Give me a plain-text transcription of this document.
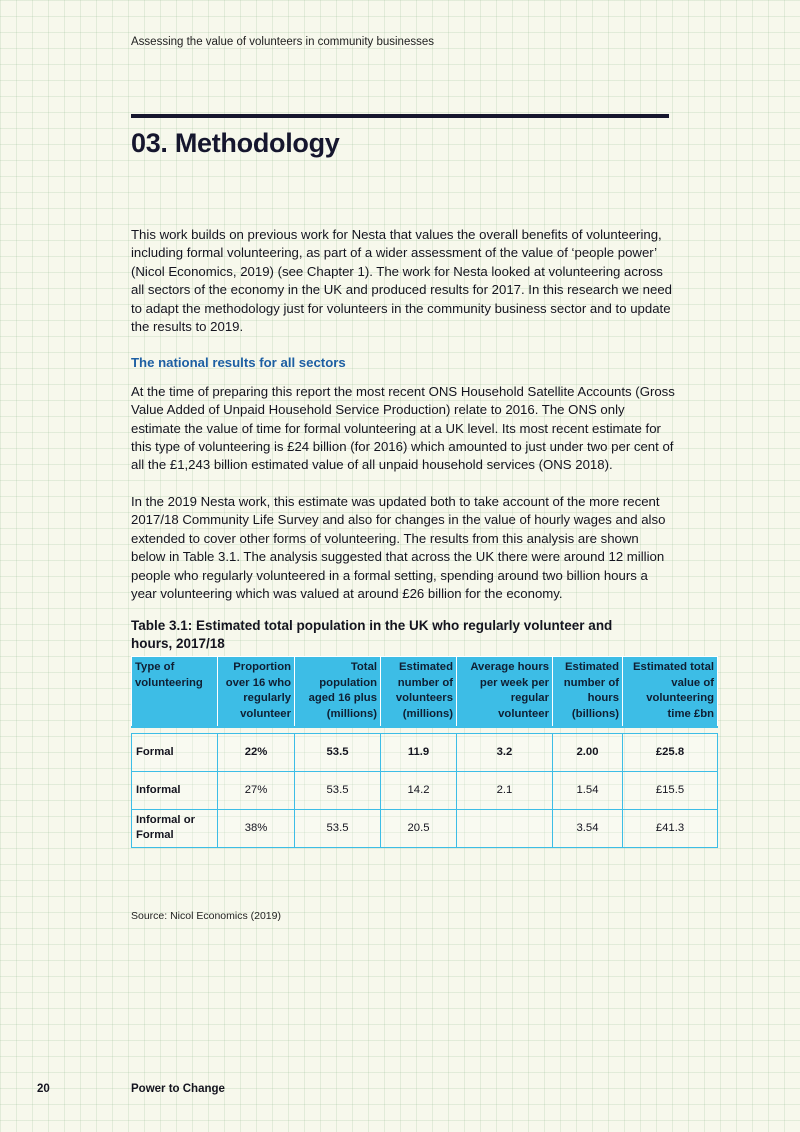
Assessing the value of volunteers in community businesses
03. Methodology

This work builds on previous work for Nesta that values the overall benefits of volunteering, including formal volunteering, as part of a wider assessment of the value of ‘people power’ (Nicol Economics, 2019) (see Chapter 1). The work for Nesta looked at volunteering across all sectors of the economy in the UK and produced results for 2017. In this research we need to adapt the methodology just for volunteers in the community business sector and to update the results to 2019.

The national results for all sectors

At the time of preparing this report the most recent ONS Household Satellite Accounts (Gross Value Added of Unpaid Household Service Production) relate to 2016. The ONS only estimate the value of time for formal volunteering at a UK level. Its most recent estimate for this type of volunteering is £24 billion (for 2016) which amounted to just under two per cent of all the £1,243 billion estimated value of all unpaid household services (ONS 2018).

In the 2019 Nesta work, this estimate was updated both to take account of the more recent 2017/18 Community Life Survey and also for changes in the value of hourly wages and also extended to cover other forms of volunteering. The results from this analysis are shown below in Table 3.1. The analysis suggested that across the UK there were around 12 million people who regularly volunteered in a formal setting, spending around two billion hours a year volunteering which was valued at around £26 billion for the economy.

Table 3.1: Estimated total population in the UK who regularly volunteer and hours, 2017/18
Type of volunteering	Proportion over 16 who regularly volunteer	Total population aged 16 plus (millions)	Estimated number of volunteers (millions)	Average hours per week per regular volunteer	Estimated number of hours (billions)	Estimated total value of volunteering time £bn

Formal	22%	53.5	11.9	3.2	2.00	£25.8
Informal	27%	53.5	14.2	2.1	1.54	£15.5
Informal or Formal	38%	53.5	20.5		3.54	£41.3
Source: Nicol Economics (2019)
20	Power to Change
